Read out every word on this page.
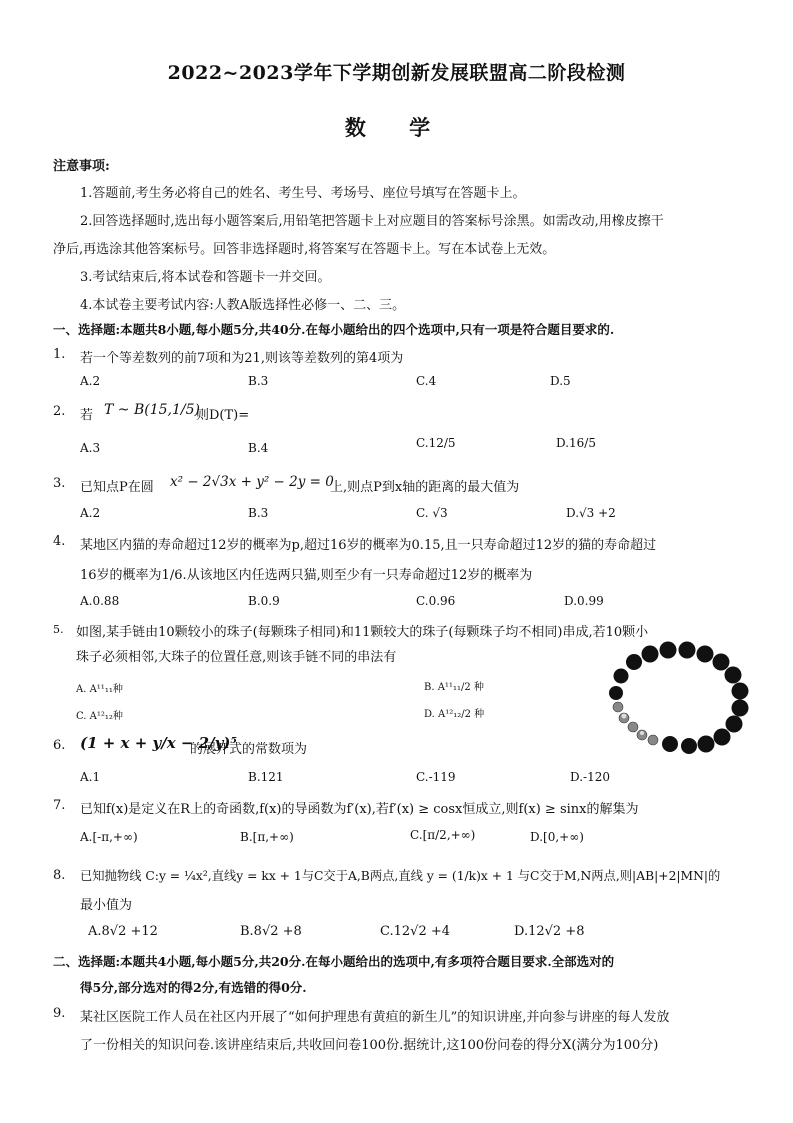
2022~2023学年下学期创新发展联盟高二阶段检测
数 学
注意事项:
1.答题前,考生务必将自己的姓名、考生号、考场号、座位号填写在答题卡上。
2.回答选择题时,选出每小题答案后,用铅笔把答题卡上对应题目的答案标号涂黑。如需改动,用橡皮擦干
净后,再选涂其他答案标号。回答非选择题时,将答案写在答题卡上。写在本试卷上无效。
3.考试结束后,将本试卷和答题卡一并交回。
4.本试卷主要考试内容:人教A版选择性必修一、二、三。
一、选择题:本题共8小题,每小题5分,共40分.在每小题给出的四个选项中,只有一项是符合题目要求的.
1. 若一个等差数列的前7项和为21,则该等差数列的第4项为
A.2	B.3	C.4	D.5
2. 若 T ~ B(15,1/5)
则D(T)=
A.3	B.4	C.12/5	D.16/5
3. 已知点P在圆 x² − 2√3x + y² − 2y = 0
上,则点P到x轴的距离的最大值为
A.2	B.3	C. √3	D.√3 +2
4. 某地区内猫的寿命超过12岁的概率为p,超过16岁的概率为0.15,且一只寿命超过12岁的猫的寿命超过
16岁的概率为1/6.从该地区内任选两只猫,则至少有一只寿命超过12岁的概率为
A.0.88	B.0.9	C.0.96	D.0.99
5. 如图,某手链由10颗较小的珠子(每颗珠子相同)和11颗较大的珠子(每颗珠子均不相同)串成,若10颗小
珠子必须相邻,大珠子的位置任意,则该手链不同的串法有
A. A¹¹₁₁种	B. A¹¹₁₁/2 种
C. A¹²₁₂种	D. A¹²₁₂/2 种
6. (1 + x + y/x − 2/y)⁵
的展开式的常数项为
A.1	B.121	C.-119	D.-120
7. 已知f(x)是定义在R上的奇函数,f(x)的导函数为f′(x),若f′(x) ≥ cosx恒成立,则f(x) ≥ sinx的解集为
A.[-π,+∞)	B.[π,+∞)	C.[π/2,+∞)	D.[0,+∞)
8. 已知抛物线 C:y = ¼x²,直线y = kx + 1与C交于A,B两点,直线 y = (1/k)x + 1 与C交于M,N两点,则|AB|+2|MN|的
最小值为
A.8√2 +12	B.8√2 +8	C.12√2 +4	D.12√2 +8
二、选择题:本题共4小题,每小题5分,共20分.在每小题给出的选项中,有多项符合题目要求.全部选对的
得5分,部分选对的得2分,有选错的得0分.
9. 某社区医院工作人员在社区内开展了“如何护理患有黄疸的新生儿”的知识讲座,并向参与讲座的每人发放
了一份相关的知识问卷.该讲座结束后,共收回问卷100份.据统计,这100份问卷的得分X(满分为100分)
